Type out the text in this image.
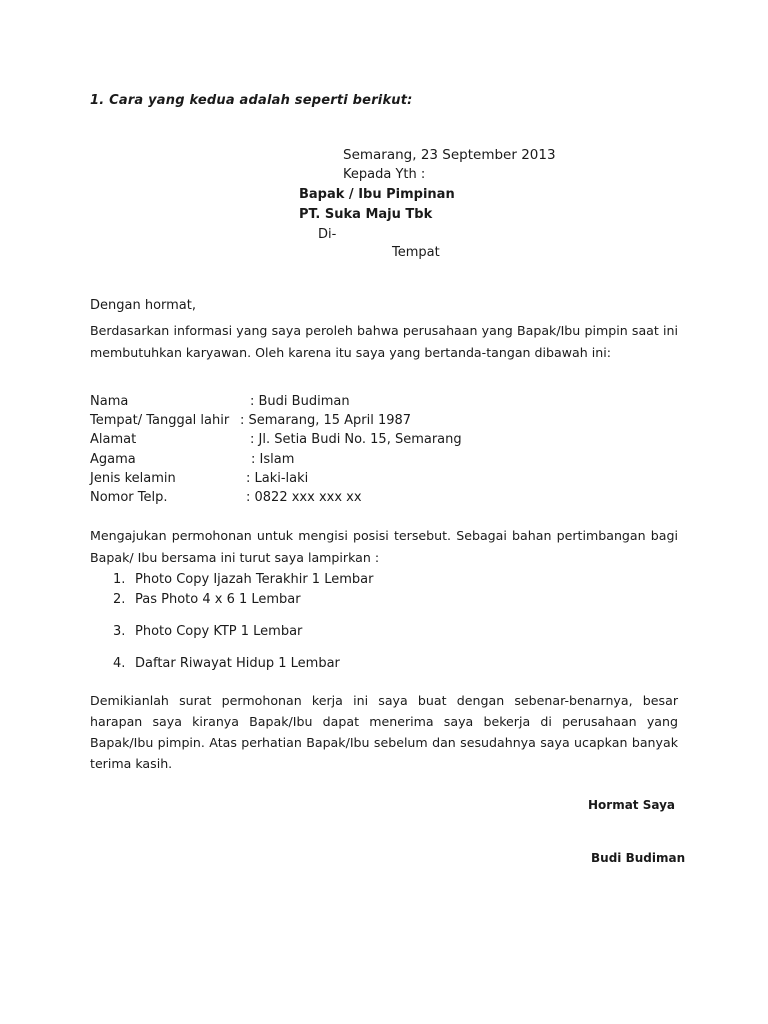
1. Cara yang kedua adalah seperti berikut:
Semarang, 23 September 2013
Kepada Yth :
Bapak / Ibu Pimpinan
PT. Suka Maju Tbk
Di-
Tempat
Dengan hormat,
Berdasarkan informasi yang saya peroleh bahwa perusahaan yang Bapak/Ibu pimpin saat ini membutuhkan karyawan. Oleh karena itu saya yang bertanda-tangan dibawah ini:
Nama	: Budi Budiman
Tempat/ Tanggal lahir : Semarang, 15 April 1987
Alamat	: Jl. Setia Budi No. 15, Semarang
Agama	: Islam
Jenis kelamin	: Laki-laki
Nomor Telp.	: 0822 xxx xxx xx
Mengajukan permohonan untuk mengisi posisi tersebut. Sebagai bahan pertimbangan bagi Bapak/ Ibu bersama ini turut saya lampirkan :
1. Photo Copy Ijazah Terakhir 1 Lembar
2. Pas Photo 4 x 6 1 Lembar
3. Photo Copy KTP 1 Lembar
4. Daftar Riwayat Hidup 1 Lembar
Demikianlah surat permohonan kerja ini saya buat dengan sebenar-benarnya, besar harapan saya kiranya Bapak/Ibu dapat menerima saya bekerja di perusahaan yang Bapak/Ibu pimpin. Atas perhatian Bapak/Ibu sebelum dan sesudahnya saya ucapkan banyak terima kasih.
Hormat Saya
Budi Budiman
